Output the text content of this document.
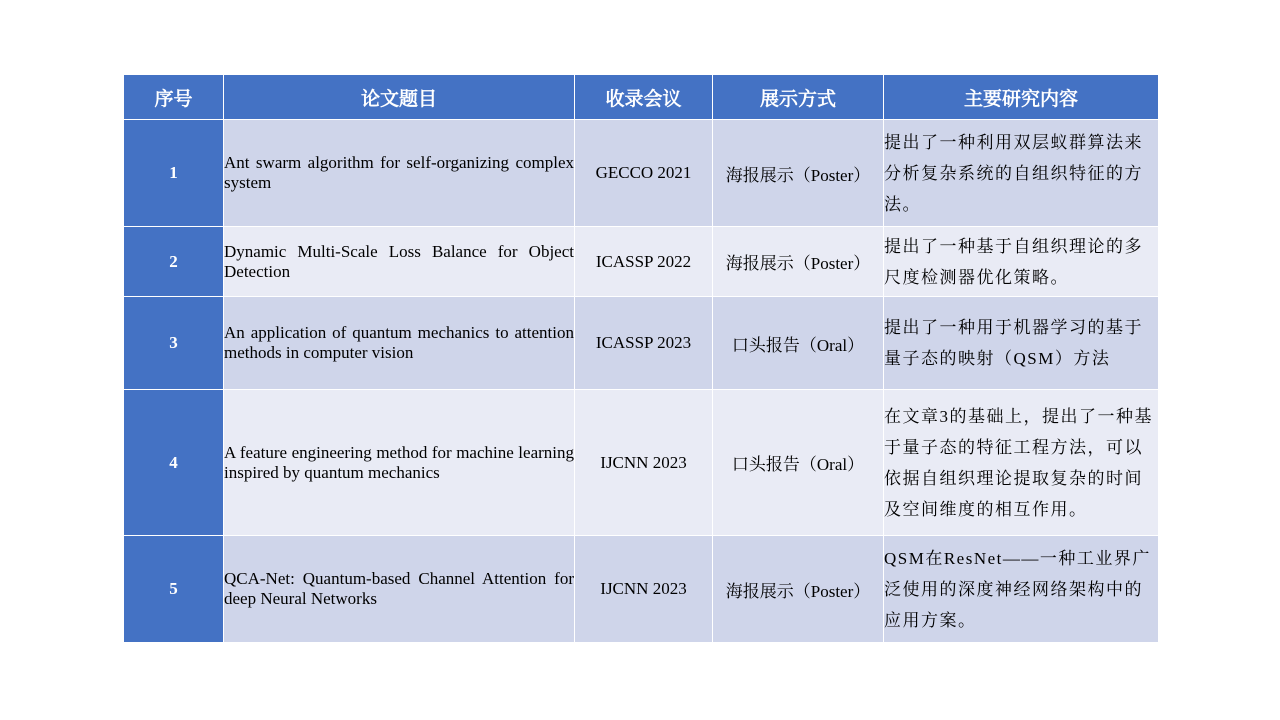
序号	论文题目	收录会议	展示方式	主要研究内容
1	Ant swarm algorithm for self-organizing complex system	GECCO 2021	海报展示（Poster）	提出了一种利用双层蚁群算法来分析复杂系统的自组织特征的方法。
2	Dynamic Multi-Scale Loss Balance for Object Detection	ICASSP 2022	海报展示（Poster）	提出了一种基于自组织理论的多尺度检测器优化策略。
3	An application of quantum mechanics to attention methods in computer vision	ICASSP 2023	口头报告（Oral）	提出了一种用于机器学习的基于量子态的映射（QSM）方法
4	A feature engineering method for machine learning inspired by quantum mechanics	IJCNN 2023	口头报告（Oral）	在文章3的基础上，提出了一种基于量子态的特征工程方法，可以依据自组织理论提取复杂的时间及空间维度的相互作用。
5	QCA-Net: Quantum-based Channel Attention for deep Neural Networks	IJCNN 2023	海报展示（Poster）	QSM在ResNet——一种工业界广泛使用的深度神经网络架构中的应用方案。
